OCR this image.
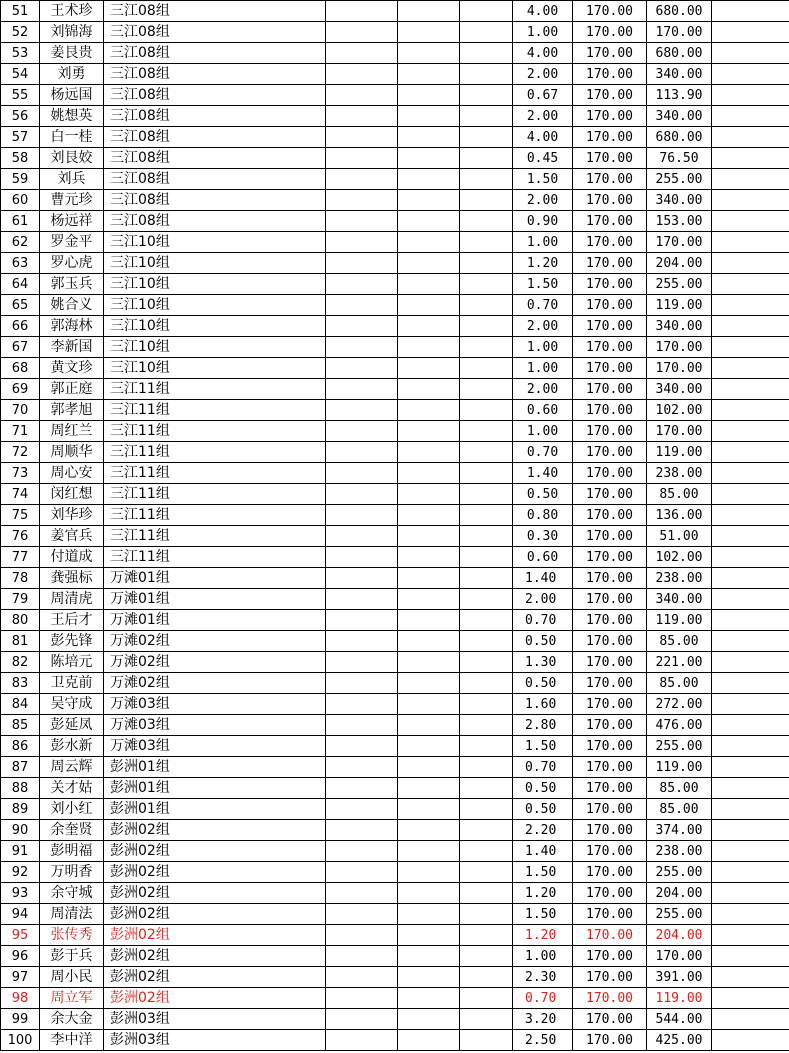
51	王术珍	三江08组				4.00	170.00	680.00	
52	刘锦海	三江08组				1.00	170.00	170.00	
53	姜艮贵	三江08组				4.00	170.00	680.00	
54	刘勇	三江08组				2.00	170.00	340.00	
55	杨远国	三江08组				0.67	170.00	113.90	
56	姚想英	三江08组				2.00	170.00	340.00	
57	白一桂	三江08组				4.00	170.00	680.00	
58	刘艮姣	三江08组				0.45	170.00	76.50	
59	刘兵	三江08组				1.50	170.00	255.00	
60	曹元珍	三江08组				2.00	170.00	340.00	
61	杨远祥	三江08组				0.90	170.00	153.00	
62	罗金平	三江10组				1.00	170.00	170.00	
63	罗心虎	三江10组				1.20	170.00	204.00	
64	郭玉兵	三江10组				1.50	170.00	255.00	
65	姚合义	三江10组				0.70	170.00	119.00	
66	郭海林	三江10组				2.00	170.00	340.00	
67	李新国	三江10组				1.00	170.00	170.00	
68	黄文珍	三江10组				1.00	170.00	170.00	
69	郭正庭	三江11组				2.00	170.00	340.00	
70	郭孝旭	三江11组				0.60	170.00	102.00	
71	周红兰	三江11组				1.00	170.00	170.00	
72	周顺华	三江11组				0.70	170.00	119.00	
73	周心安	三江11组				1.40	170.00	238.00	
74	闵红想	三江11组				0.50	170.00	85.00	
75	刘华珍	三江11组				0.80	170.00	136.00	
76	姜官兵	三江11组				0.30	170.00	51.00	
77	付道成	三江11组				0.60	170.00	102.00	
78	龚强标	万滩01组				1.40	170.00	238.00	
79	周清虎	万滩01组				2.00	170.00	340.00	
80	王后才	万滩01组				0.70	170.00	119.00	
81	彭先锋	万滩02组				0.50	170.00	85.00	
82	陈培元	万滩02组				1.30	170.00	221.00	
83	卫克前	万滩02组				0.50	170.00	85.00	
84	吴守成	万滩03组				1.60	170.00	272.00	
85	彭延凤	万滩03组				2.80	170.00	476.00	
86	彭水新	万滩03组				1.50	170.00	255.00	
87	周云辉	彭洲01组				0.70	170.00	119.00	
88	关才姑	彭洲01组				0.50	170.00	85.00	
89	刘小红	彭洲01组				0.50	170.00	85.00	
90	余奎贤	彭洲02组				2.20	170.00	374.00	
91	彭明福	彭洲02组				1.40	170.00	238.00	
92	万明香	彭洲02组				1.50	170.00	255.00	
93	余守城	彭洲02组				1.20	170.00	204.00	
94	周清法	彭洲02组				1.50	170.00	255.00	
95	张传秀	彭洲02组				1.20	170.00	204.00	
96	彭于兵	彭洲02组				1.00	170.00	170.00	
97	周小民	彭洲02组				2.30	170.00	391.00	
98	周立军	彭洲02组				0.70	170.00	119.00	
99	余大金	彭洲03组				3.20	170.00	544.00	
100	李中洋	彭洲03组				2.50	170.00	425.00	
